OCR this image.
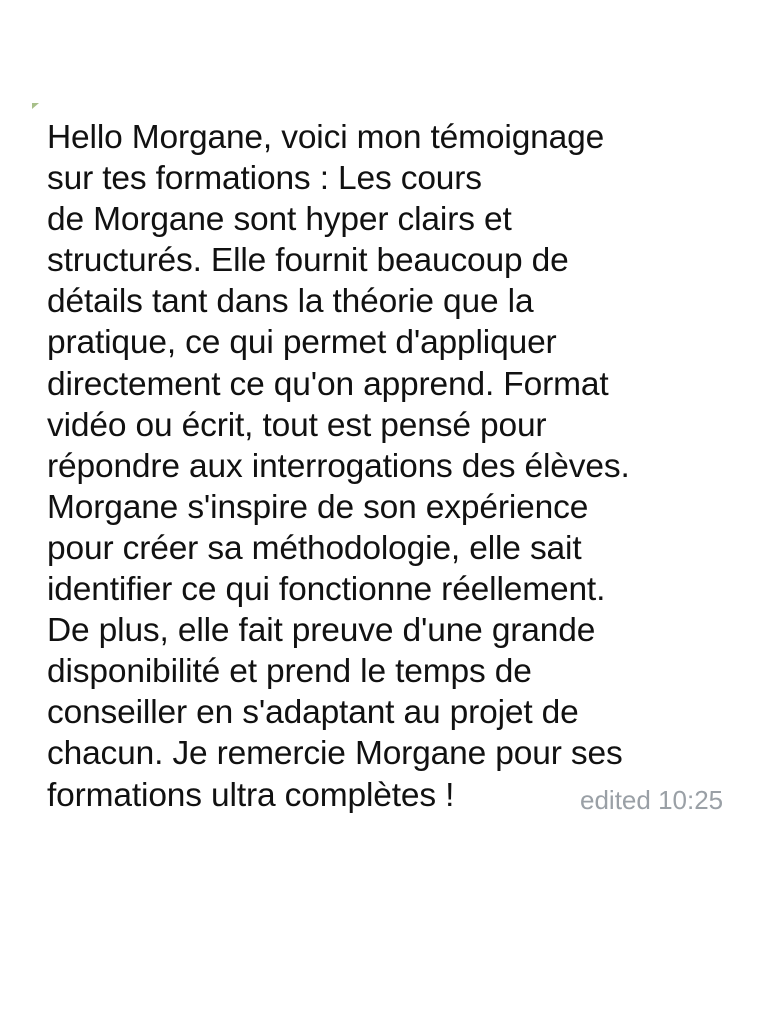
Hello Morgane, voici mon témoignage
sur tes formations : Les cours
de Morgane sont hyper clairs et
structurés. Elle fournit beaucoup de
détails tant dans la théorie que la
pratique, ce qui permet d'appliquer
directement ce qu'on apprend. Format
vidéo ou écrit, tout est pensé pour
répondre aux interrogations des élèves.
Morgane s'inspire de son expérience
pour créer sa méthodologie, elle sait
identifier ce qui fonctionne réellement.
De plus, elle fait preuve d'une grande
disponibilité et prend le temps de
conseiller en s'adaptant au projet de
chacun. Je remercie Morgane pour ses
formations ultra complètes !	edited 10:25
